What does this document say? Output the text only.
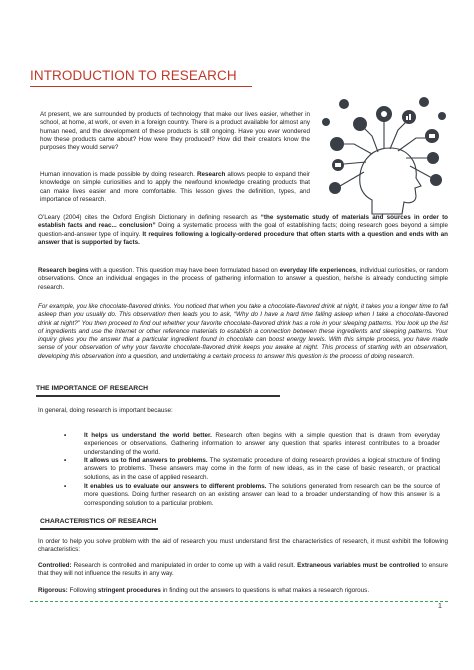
INTRODUCTION TO RESEARCH

At present, we are surrounded by products of technology that make our lives easier, whether in school, at home, at work, or even in a foreign country. There is a product available for almost any human need, and the development of these products is still ongoing. Have you ever wondered how these products came about? How were they produced? How did their creators know the purposes they would serve?

Human innovation is made possible by doing research. Research allows people to expand their knowledge on simple curiosities and to apply the newfound knowledge creating products that can make lives easier and more comfortable. This lesson gives the definition, types, and importance of research.

O’Leary (2004) cites the Oxford English Dictionary in defining research as “the systematic study of materials and sources in order to establish facts and reac... conclusion” Doing a systematic process with the goal of establishing facts; doing research goes beyond a simple question-and-answer type of inquiry. It requires following a logically-ordered procedure that often starts with a question and ends with an answer that is supported by facts.

Research begins with a question. This question may have been formulated based on everyday life experiences, individual curiosities, or random observations. Once an individual engages in the process of gathering information to answer a question, he/she is already conducting simple research.

For example, you like chocolate-flavored drinks. You noticed that when you take a chocolate-flavored drink at night, it takes you a longer time to fall asleep than you usually do. This observation then leads you to ask, “Why do I have a hard time falling asleep when I take a chocolate-flavored drink at night?” You then proceed to find out whether your favorite chocolate-flavored drink has a role in your sleeping patterns. You look up the list of ingredients and use the Internet or other reference materials to establish a connection between these ingredients and sleeping patterns. Your inquiry gives you the answer that a particular ingredient found in chocolate can boost energy levels. With this simple process, you have made sense of your observation of why your favorite chocolate-flavored drink keeps you awake at night. This process of starting with an observation, developing this observation into a question, and undertaking a certain process to answer this question is the process of doing research.

THE IMPORTANCE OF RESEARCH

In general, doing research is important because:

•	It helps us understand the world better. Research often begins with a simple question that is drawn from everyday experiences or observations. Gathering information to answer any question that sparks interest contributes to a broader understanding of the world.
•	It allows us to find answers to problems. The systematic procedure of doing research provides a logical structure of finding answers to problems. These answers may come in the form of new ideas, as in the case of basic research, or practical solutions, as in the case of applied research.
•	It enables us to evaluate our answers to different problems. The solutions generated from research can be the source of more questions. Doing further research on an existing answer can lead to a broader understanding of how this answer is a corresponding solution to a particular problem.
CHARACTERISTICS OF RESEARCH

In order to help you solve problem with the aid of research you must understand first the characteristics of research, it must exhibit the following characteristics:

Controlled: Research is controlled and manipulated in order to come up with a valid result. Extraneous variables must be controlled to ensure that they will not influence the results in any way.

Rigorous: Following stringent procedures in finding out the answers to questions is what makes a research rigorous.

1
